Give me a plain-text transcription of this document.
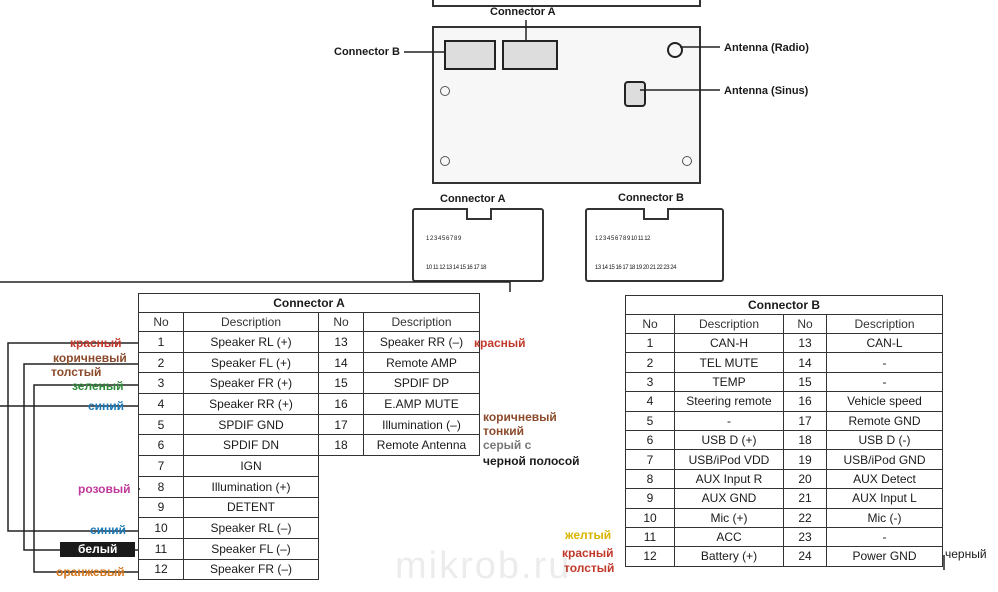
Connector A
Connector B	Antenna (Radio)
Antenna (Sinus)
Connector A
1 2 3 4 5 6 7 8 9
10 11 12 13 14 15 16 17 18
Connector B
1 2 3 4 5 6 7 8 9 10 11 12
13 14 15 16 17 18 19 20 21 22 23 24
Connector A			
No	Description	No	Description
1	Speaker RL (+)	13	Speaker RR (–)
2	Speaker FL (+)	14	Remote AMP
3	Speaker FR (+)	15	SPDIF DP
4	Speaker RR (+)	16	E.AMP MUTE
5	SPDIF GND	17	Illumination (–)
6	SPDIF DN	18	Remote Antenna
7	IGN		
8	Illumination (+)		
9	DETENT		
10	Speaker RL (–)		
11	Speaker FL (–)		
12	Speaker FR (–)		
Connector B			
No	Description	No	Description
1	CAN-H	13	CAN-L
2	TEL MUTE	14	-
3	TEMP	15	-
4	Steering remote	16	Vehicle speed
5	-	17	Remote GND
6	USB D (+)	18	USB D (-)
7	USB/iPod VDD	19	USB/iPod GND
8	AUX Input R	20	AUX Detect
9	AUX GND	21	AUX Input L
10	Mic (+)	22	Mic (-)
11	ACC	23	-
12	Battery (+)	24	Power GND
красный
коричневый
толстый
зеленый
синий
розовый
синий
белый
оранжевый
красный
коричневый
тонкий
серый с
черной полосой
желтый
красный
толстый
черный
mikrob.ru
